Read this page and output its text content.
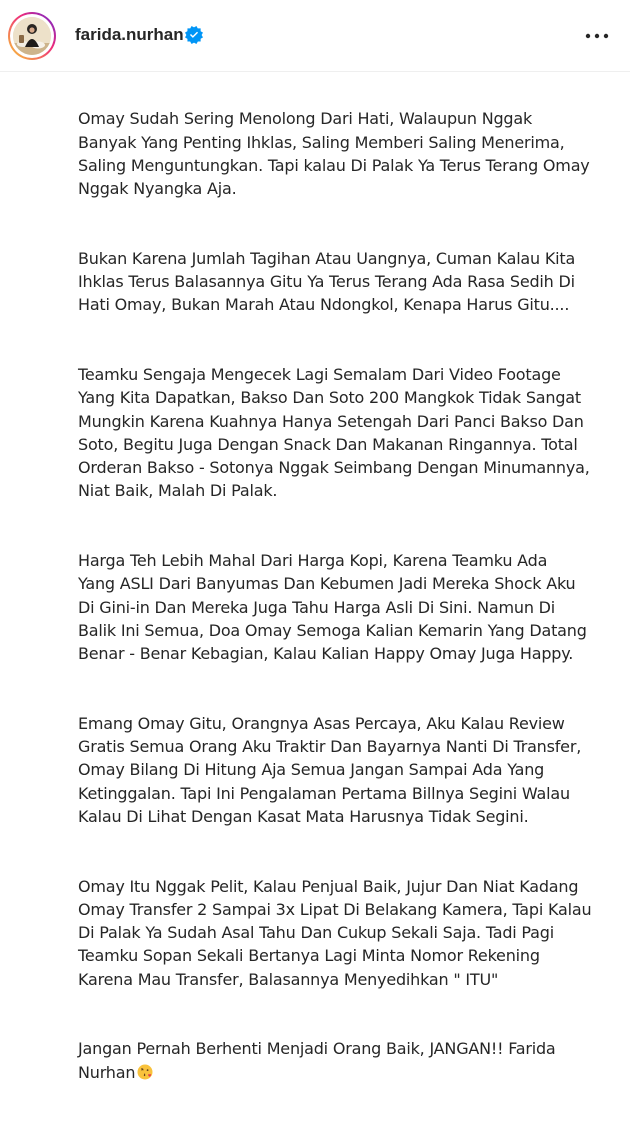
farida.nurhan

Omay Sudah Sering Menolong Dari Hati, Walaupun Nggak
Banyak Yang Penting Ihklas, Saling Memberi Saling Menerima,
Saling Menguntungkan. Tapi kalau Di Palak Ya Terus Terang Omay
Nggak Nyangka Aja.

Bukan Karena Jumlah Tagihan Atau Uangnya, Cuman Kalau Kita
Ihklas Terus Balasannya Gitu Ya Terus Terang Ada Rasa Sedih Di
Hati Omay, Bukan Marah Atau Ndongkol, Kenapa Harus Gitu....

Teamku Sengaja Mengecek Lagi Semalam Dari Video Footage
Yang Kita Dapatkan, Bakso Dan Soto 200 Mangkok Tidak Sangat
Mungkin Karena Kuahnya Hanya Setengah Dari Panci Bakso Dan
Soto, Begitu Juga Dengan Snack Dan Makanan Ringannya. Total
Orderan Bakso - Sotonya Nggak Seimbang Dengan Minumannya,
Niat Baik, Malah Di Palak.

Harga Teh Lebih Mahal Dari Harga Kopi, Karena Teamku Ada
Yang ASLI Dari Banyumas Dan Kebumen Jadi Mereka Shock Aku
Di Gini-in Dan Mereka Juga Tahu Harga Asli Di Sini. Namun Di
Balik Ini Semua, Doa Omay Semoga Kalian Kemarin Yang Datang
Benar - Benar Kebagian, Kalau Kalian Happy Omay Juga Happy.

Emang Omay Gitu, Orangnya Asas Percaya, Aku Kalau Review
Gratis Semua Orang Aku Traktir Dan Bayarnya Nanti Di Transfer,
Omay Bilang Di Hitung Aja Semua Jangan Sampai Ada Yang
Ketinggalan. Tapi Ini Pengalaman Pertama Billnya Segini Walau
Kalau Di Lihat Dengan Kasat Mata Harusnya Tidak Segini.

Omay Itu Nggak Pelit, Kalau Penjual Baik, Jujur Dan Niat Kadang
Omay Transfer 2 Sampai 3x Lipat Di Belakang Kamera, Tapi Kalau
Di Palak Ya Sudah Asal Tahu Dan Cukup Sekali Saja. Tadi Pagi
Teamku Sopan Sekali Bertanya Lagi Minta Nomor Rekening
Karena Mau Transfer, Balasannya Menyedihkan " ITU"

Jangan Pernah Berhenti Menjadi Orang Baik, JANGAN!! Farida
Nurhan
